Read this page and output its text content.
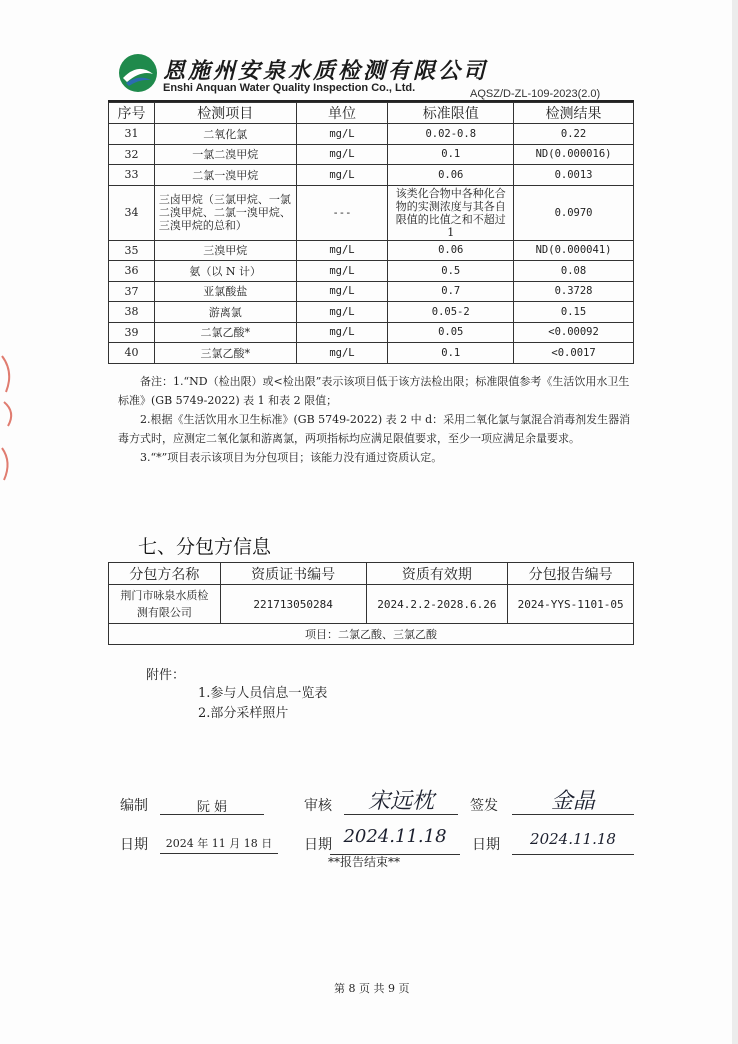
恩施州安泉水质检测有限公司
Enshi Anquan Water Quality Inspection Co., Ltd.	AQSZ/D-ZL-109-2023(2.0)
序号	检测项目	单位	标准限值	检测结果
31	二氧化氯	mg/L	0.02-0.8	0.22
32	一氯二溴甲烷	mg/L	0.1	ND(0.000016)
33	二氯一溴甲烷	mg/L	0.06	0.0013
34	三卤甲烷（三氯甲烷、一氯二溴甲烷、二氯一溴甲烷、三溴甲烷的总和）	---	该类化合物中各种化合物的实测浓度与其各自限值的比值之和不超过 1	0.0970
35	三溴甲烷	mg/L	0.06	ND(0.000041)
36	氨（以 N 计）	mg/L	0.5	0.08
37	亚氯酸盐	mg/L	0.7	0.3728
38	游离氯	mg/L	0.05-2	0.15
39	二氯乙酸*	mg/L	0.05	<0.00092
40	三氯乙酸*	mg/L	0.1	<0.0017

备注：1.“ND（检出限）或<检出限”表示该项目低于该方法检出限；标准限值参考《生活饮用水卫生标准》(GB 5749-2022) 表 1 和表 2 限值；

2.根据《生活饮用水卫生标准》(GB 5749-2022) 表 2 中 d：采用二氧化氯与氯混合消毒剂发生器消毒方式时，应测定二氧化氯和游离氯，两项指标均应满足限值要求，至少一项应满足余量要求。

3.“*”项目表示该项目为分包项目；该能力没有通过资质认定。

七、分包方信息
分包方名称	资质证书编号	资质有效期	分包报告编号
荆门市咏泉水质检测有限公司	221713050284	2024.2.2-2028.6.26	2024-YYS-1101-05
项目：二氯乙酸、三氯乙酸			
附件：
1.参与人员信息一览表
2.部分采样照片
编制	阮 娟	审核	宋远枕	签发	金晶
日期	2024 年 11 月 18 日	日期 2024.11.18	日期	2024.11.18
**报告结束**
第 8 页 共 9 页
